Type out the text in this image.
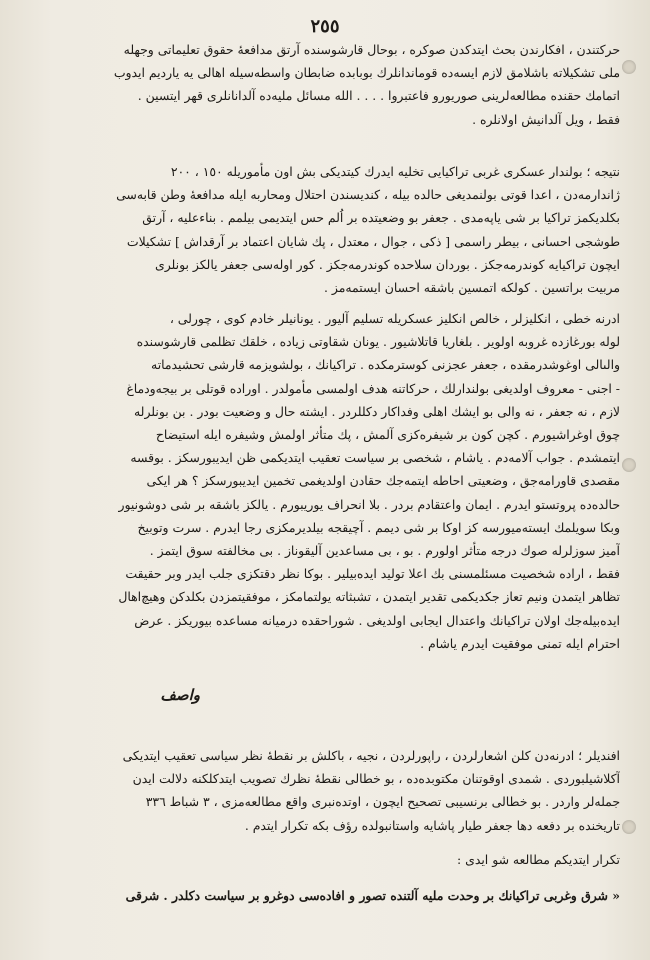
٢٥٥
حركتندن ، افكارندن بحث ايتدكدن صوكره ، بوحال قارشوسنده آرتق مدافعهٔ حقوق تعليماتى وجهله
ملى تشكيلاته باشلامق لازم ايسه‌ده قوماندانلرك بوبابده ضابطان واسطه‌سيله اهالى يه يارديم ايدوب
اتمامك حقنده مطالعه‌لرينى صوريورو فاعتبروا . . . . الله مسائل مليه‌ده آلدانانلرى قهر ايتسين .
فقط ، ويل آلدانيش اولانلره .
نتيجه ؛ بولندار عسكرى غربى تراكيايى تخليه ايدرك كيتديكى بش اون مأموريله ١٥٠ ، ٢٠٠
ژاندارمه‌دن ، اعدا قوتى بولنمديغى حالده بيله ، كنديسندن احتلال ومحاربه ايله مدافعهٔ وطن قابه‌سى
بكلديكمز تراكيا بر شى ياپه‌مدى . جعفر بو وضعيتده بر اُلم حس ايتديمى بيلمم . بناءعليه ، آرتق
طوشجى احسانى ، بيطر راسمى [ ذكى ، جوال ، معتدل ، پك شايان اعتماد بر آرقداش ] تشكيلات
ايچون تراكيايه كوندرمه‌جكز . بوردان سلاحده كوندرمه‌جكز . كور اوله‌سى جعفر يالكز بونلرى
مربيت براتسين . كولكه اتمسين باشقه احسان ايستمه‌مز .
ادرنه خطى ، انكليزلر ، خالص انكليز عسكريله تسليم آليور . يونانيلر خادم كوى ، چورلى ،
لوله بورغازده غروبه اولوير . بلغاريا قاتلاشيور . يونان شقاوتى زياده ، خلقك تظلمى قارشوسنده
والىالى اوغوشدرمقده ، جعفر عجزنى كوسترمكده . تراكيانك ، بولشويزمه قارشى تحشيدماته
- اجنى - معروف اولديغى بولندارلك ، حركاتنه هدف اولمسى مأمولدر . اوراده قوتلى بر بيجه‌ودماغ
لازم ، نه جعفر ، نه والى بو ايشك اهلى وفداكار دكللردر . ايشته حال و وضعيت بودر . بن بونلرله
چوق اوغراشيورم . كچن كون بر شيفره‌كزى آلمش ، پك متأثر اولمش وشيفره ايله استيضاح
ايتمشدم . جواب آلامه‌دم . ياشام ، شخصى بر سياست تعقيب ايتديكمى ظن ايديبورسكز . بوقسه
مقصدى قاورامه‌جق ، وضعيتى احاطه ايتمه‌جك حقادن اولديغمى تخمين ايديبورسكز ؟ هر ايكى
حالده‌ده پروتستو ايدرم . ايمان واعتقادم بردر . بلا انحراف يوريبورم . يالكز باشقه بر شى دوشونيور
وبكا سويلمك ايسته‌ميورسه كز اوكا بر شى ديمم . آچيقجه بيلديرمكزى رجا ايدرم . سرت وتوبيخ
آميز سوزلرله صوك درجه متأثر اولورم . بو ، بى مساعدين آليقوناز . بى مخالفته سوق ايتمز .
فقط ، اراده شخصيت مسئلمسنى بك اعلا توليد ايده‌بيلير . بوكا نظر دقتكزى جلب ايدر وبر حقيقت
تظاهر ايتمدن ونيم تعاز جكديكمى تقدير ايتمدن ، تشبثاته يولتمامكز ، موفقيتمزدن بكلدكن وهيچ‌اهال
ايده‌بيله‌جك اولان تراكيانك واعتدال ايجابى اولديغى . شوراحقده درميانه مساعده بيوريكز . عرض
احترام ايله تمنى موفقيت ايدرم ياشام .
واصف
افنديلر ؛ ادرنه‌دن كلن اشعارلردن ، راپورلردن ، نجيه ، باكلش بر نقطهٔ نظر سياسى تعقيب ايتديكى
آكلاشيلبوردى . شمدى اوقوتنان مكتوبده‌ده ، بو خطالى نقطهٔ نظرك تصويب ايتدكلكنه دلالت ايدن
جمله‌لر واردر . بو خطالى برنسيبى تصحيح ايچون ، اوتده‌نبرى واقع مطالعه‌مزى ، ٣ شباط ٣٣٦
تاريخنده بر دفعه دها جعفر طيار پاشايه واستانبولده رؤف بكه تكرار ايتدم .
تكرار ايتديكم مطالعه شو ايدى :
« شرق وغربى تراكيانك بر وحدت مليه آلتنده تصور و افاده‌سى دوغرو بر سياست دكلدر . شرقى
